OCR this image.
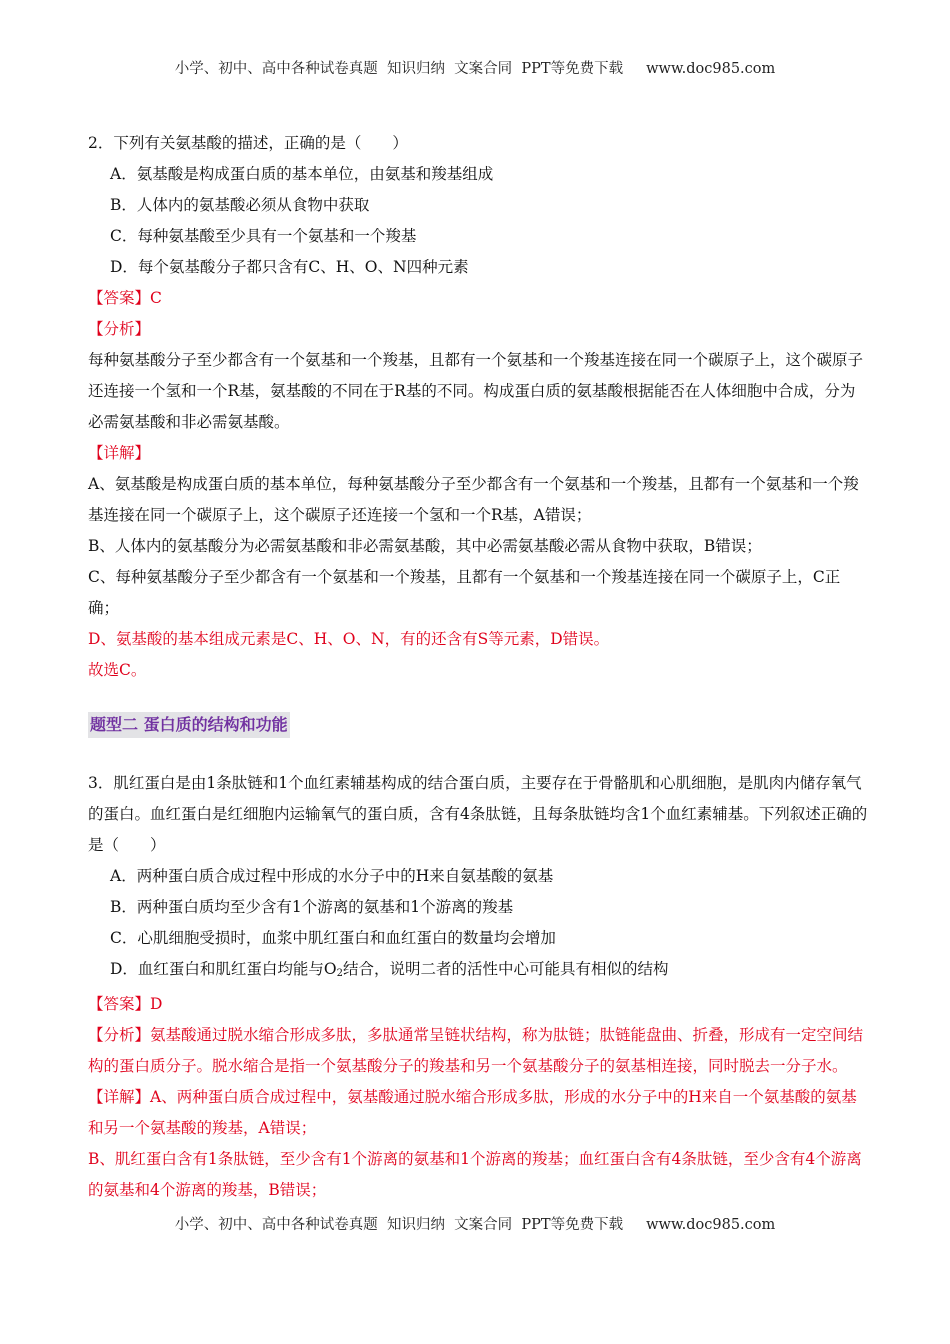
小学、初中、高中各种试卷真题  知识归纳  文案合同  PPT等免费下载     www.doc985.com

2．下列有关氨基酸的描述，正确的是（　　）

A．氨基酸是构成蛋白质的基本单位，由氨基和羧基组成

B．人体内的氨基酸必须从食物中获取

C．每种氨基酸至少具有一个氨基和一个羧基

D．每个氨基酸分子都只含有C、H、O、N四种元素

【答案】C

【分析】

每种氨基酸分子至少都含有一个氨基和一个羧基，且都有一个氨基和一个羧基连接在同一个碳原子上，这个碳原子还连接一个氢和一个R基，氨基酸的不同在于R基的不同。构成蛋白质的氨基酸根据能否在人体细胞中合成，分为必需氨基酸和非必需氨基酸。

【详解】

A、氨基酸是构成蛋白质的基本单位，每种氨基酸分子至少都含有一个氨基和一个羧基，且都有一个氨基和一个羧基连接在同一个碳原子上，这个碳原子还连接一个氢和一个R基，A错误；

B、人体内的氨基酸分为必需氨基酸和非必需氨基酸，其中必需氨基酸必需从食物中获取，B错误；

C、每种氨基酸分子至少都含有一个氨基和一个羧基，且都有一个氨基和一个羧基连接在同一个碳原子上，C正确；

D、氨基酸的基本组成元素是C、H、O、N，有的还含有S等元素，D错误。

故选C。

题型二 蛋白质的结构和功能

3．肌红蛋白是由1条肽链和1个血红素辅基构成的结合蛋白质，主要存在于骨骼肌和心肌细胞，是肌肉内储存氧气的蛋白。血红蛋白是红细胞内运输氧气的蛋白质，含有4条肽链，且每条肽链均含1个血红素辅基。下列叙述正确的是（　　）

A．两种蛋白质合成过程中形成的水分子中的H来自氨基酸的氨基

B．两种蛋白质均至少含有1个游离的氨基和1个游离的羧基

C．心肌细胞受损时，血浆中肌红蛋白和血红蛋白的数量均会增加

D．血红蛋白和肌红蛋白均能与$O_2$结合，说明二者的活性中心可能具有相似的结构

【答案】D

【分析】氨基酸通过脱水缩合形成多肽，多肽通常呈链状结构，称为肽链；肽链能盘曲、折叠，形成有一定空间结构的蛋白质分子。脱水缩合是指一个氨基酸分子的羧基和另一个氨基酸分子的氨基相连接，同时脱去一分子水。

【详解】A、两种蛋白质合成过程中，氨基酸通过脱水缩合形成多肽，形成的水分子中的H来自一个氨基酸的氨基和另一个氨基酸的羧基，A错误；

B、肌红蛋白含有1条肽链，至少含有1个游离的氨基和1个游离的羧基；血红蛋白含有4条肽链，至少含有4个游离的氨基和4个游离的羧基，B错误；

小学、初中、高中各种试卷真题  知识归纳  文案合同  PPT等免费下载     www.doc985.com
